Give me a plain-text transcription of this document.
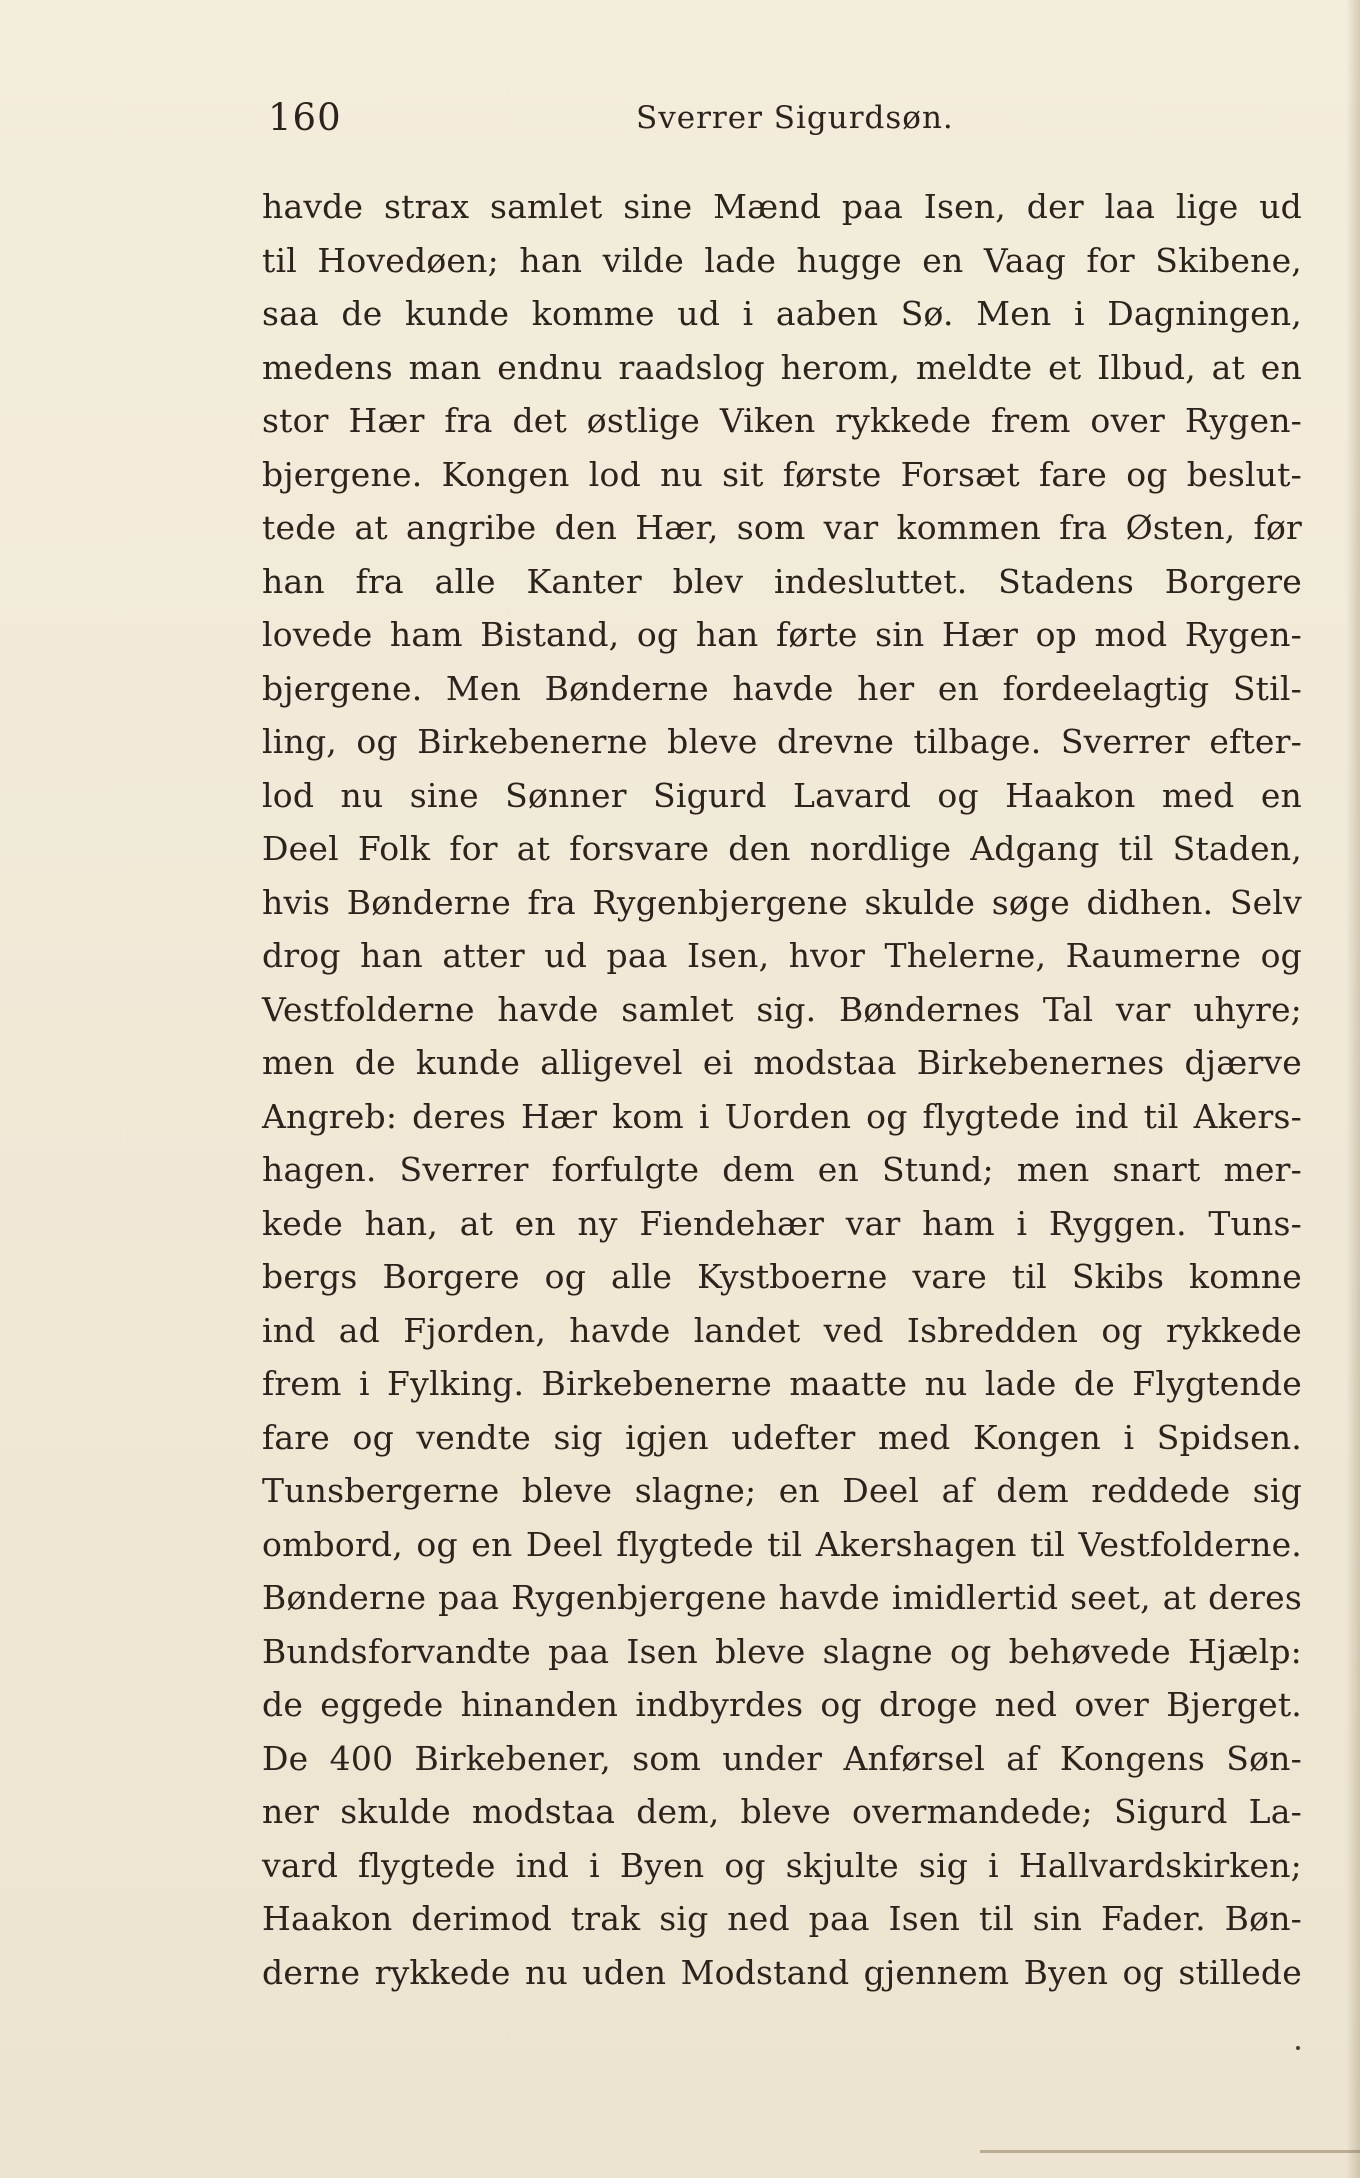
160	Sverrer Sigurdsøn.
havde strax samlet sine Mænd paa Isen, der laa lige ud
til Hovedøen; han vilde lade hugge en Vaag for Skibene,
saa de kunde komme ud i aaben Sø. Men i Dagningen,
medens man endnu raadslog herom, meldte et Ilbud, at en
stor Hær fra det østlige Viken rykkede frem over Rygen-
bjergene. Kongen lod nu sit første Forsæt fare og beslut-
tede at angribe den Hær, som var kommen fra Østen, før
han fra alle Kanter blev indesluttet. Stadens Borgere
lovede ham Bistand, og han førte sin Hær op mod Rygen-
bjergene. Men Bønderne havde her en fordeelagtig Stil-
ling, og Birkebenerne bleve drevne tilbage. Sverrer efter-
lod nu sine Sønner Sigurd Lavard og Haakon med en
Deel Folk for at forsvare den nordlige Adgang til Staden,
hvis Bønderne fra Rygenbjergene skulde søge didhen. Selv
drog han atter ud paa Isen, hvor Thelerne, Raumerne og
Vestfolderne havde samlet sig. Bøndernes Tal var uhyre;
men de kunde alligevel ei modstaa Birkebenernes djærve
Angreb: deres Hær kom i Uorden og flygtede ind til Akers-
hagen. Sverrer forfulgte dem en Stund; men snart mer-
kede han, at en ny Fiendehær var ham i Ryggen. Tuns-
bergs Borgere og alle Kystboerne vare til Skibs komne
ind ad Fjorden, havde landet ved Isbredden og rykkede
frem i Fylking. Birkebenerne maatte nu lade de Flygtende
fare og vendte sig igjen udefter med Kongen i Spidsen.
Tunsbergerne bleve slagne; en Deel af dem reddede sig
ombord, og en Deel flygtede til Akershagen til Vestfolderne.
Bønderne paa Rygenbjergene havde imidlertid seet, at deres
Bundsforvandte paa Isen bleve slagne og behøvede Hjælp:
de eggede hinanden indbyrdes og droge ned over Bjerget.
De 400 Birkebener, som under Anførsel af Kongens Søn-
ner skulde modstaa dem, bleve overmandede; Sigurd La-
vard flygtede ind i Byen og skjulte sig i Hallvardskirken;
Haakon derimod trak sig ned paa Isen til sin Fader. Bøn-
derne rykkede nu uden Modstand gjennem Byen og stillede
